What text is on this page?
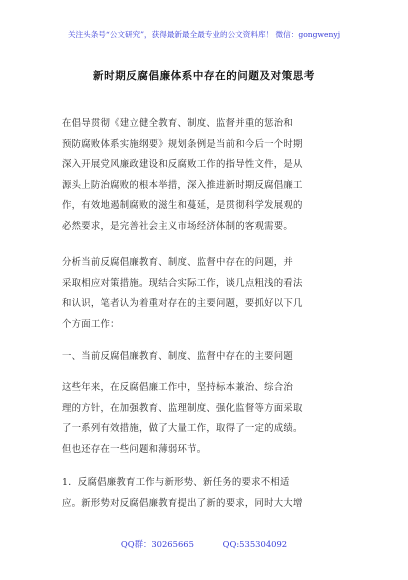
关注头条号“公文研究”，获得最新最全最专业的公文资料库！ 微信：gongwenyj
新时期反腐倡廉体系中存在的问题及对策思考
在倡导贯彻《建立健全教育、制度、监督并重的惩治和
预防腐败体系实施纲要》规划条例是当前和今后一个时期
深入开展党风廉政建设和反腐败工作的指导性文件，是从
源头上防治腐败的根本举措，深入推进新时期反腐倡廉工
作，有效地遏制腐败的滋生和蔓延，是贯彻科学发展观的
必然要求，是完善社会主义市场经济体制的客观需要。
分析当前反腐倡廉教育、制度、监督中存在的问题，并
采取相应对策措施。现结合实际工作，谈几点粗浅的看法
和认识，笔者认为着重对存在的主要问题，要抓好以下几
个方面工作：
一、当前反腐倡廉教育、制度、监督中存在的主要问题
这些年来，在反腐倡廉工作中，坚持标本兼治、综合治
理的方针，在加强教育、监理制度、强化监督等方面采取
了一系列有效措施，做了大量工作，取得了一定的成绩。
但也还存在一些问题和薄弱环节。
1．反腐倡廉教育工作与新形势、新任务的要求不相适
应。新形势对反腐倡廉教育提出了新的要求，同时大大增
QQ群：30265665	QQ:535304092
